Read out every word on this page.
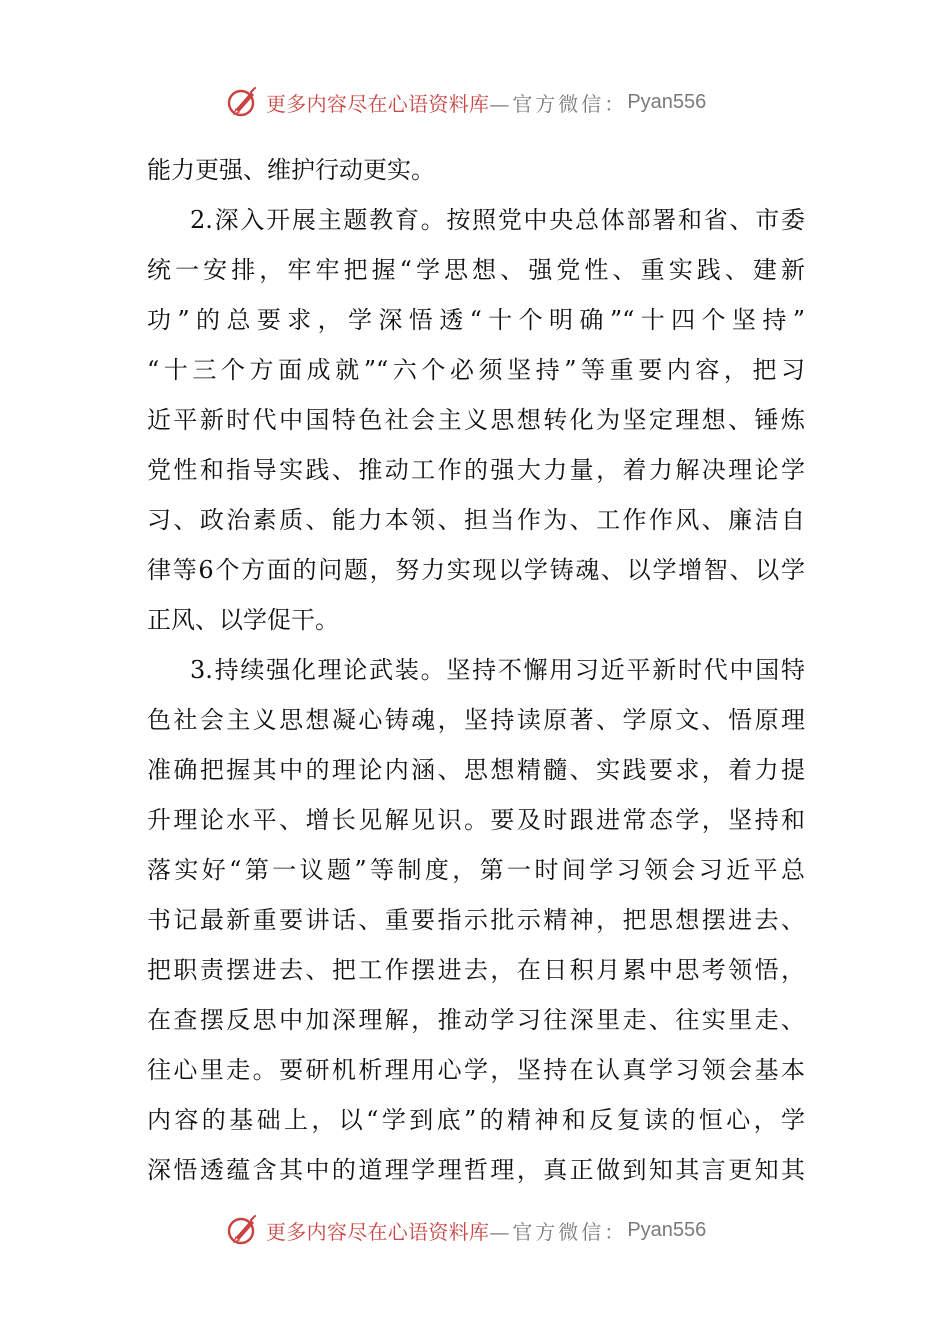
更多内容尽在心语资料库 —官方微信： Pyan556
能力更强、维护行动更实。
2.深入开展主题教育。按照党中央总体部署和省、市委
统一安排，牢牢把握“学思想、强党性、重实践、建新
功”的总要求，学深悟透“十个明确”“十四个坚持”
“十三个方面成就”“六个必须坚持”等重要内容，把习
近平新时代中国特色社会主义思想转化为坚定理想、锤炼
党性和指导实践、推动工作的强大力量，着力解决理论学
习、政治素质、能力本领、担当作为、工作作风、廉洁自
律等6个方面的问题，努力实现以学铸魂、以学增智、以学
正风、以学促干。
3.持续强化理论武装。坚持不懈用习近平新时代中国特
色社会主义思想凝心铸魂，坚持读原著、学原文、悟原理
准确把握其中的理论内涵、思想精髓、实践要求，着力提
升理论水平、增长见解见识。要及时跟进常态学，坚持和
落实好“第一议题”等制度，第一时间学习领会习近平总
书记最新重要讲话、重要指示批示精神，把思想摆进去、
把职责摆进去、把工作摆进去，在日积月累中思考领悟，
在查摆反思中加深理解，推动学习往深里走、往实里走、
往心里走。要研机析理用心学，坚持在认真学习领会基本
内容的基础上，以“学到底”的精神和反复读的恒心，学
深悟透蕴含其中的道理学理哲理，真正做到知其言更知其
更多内容尽在心语资料库 —官方微信： Pyan556
